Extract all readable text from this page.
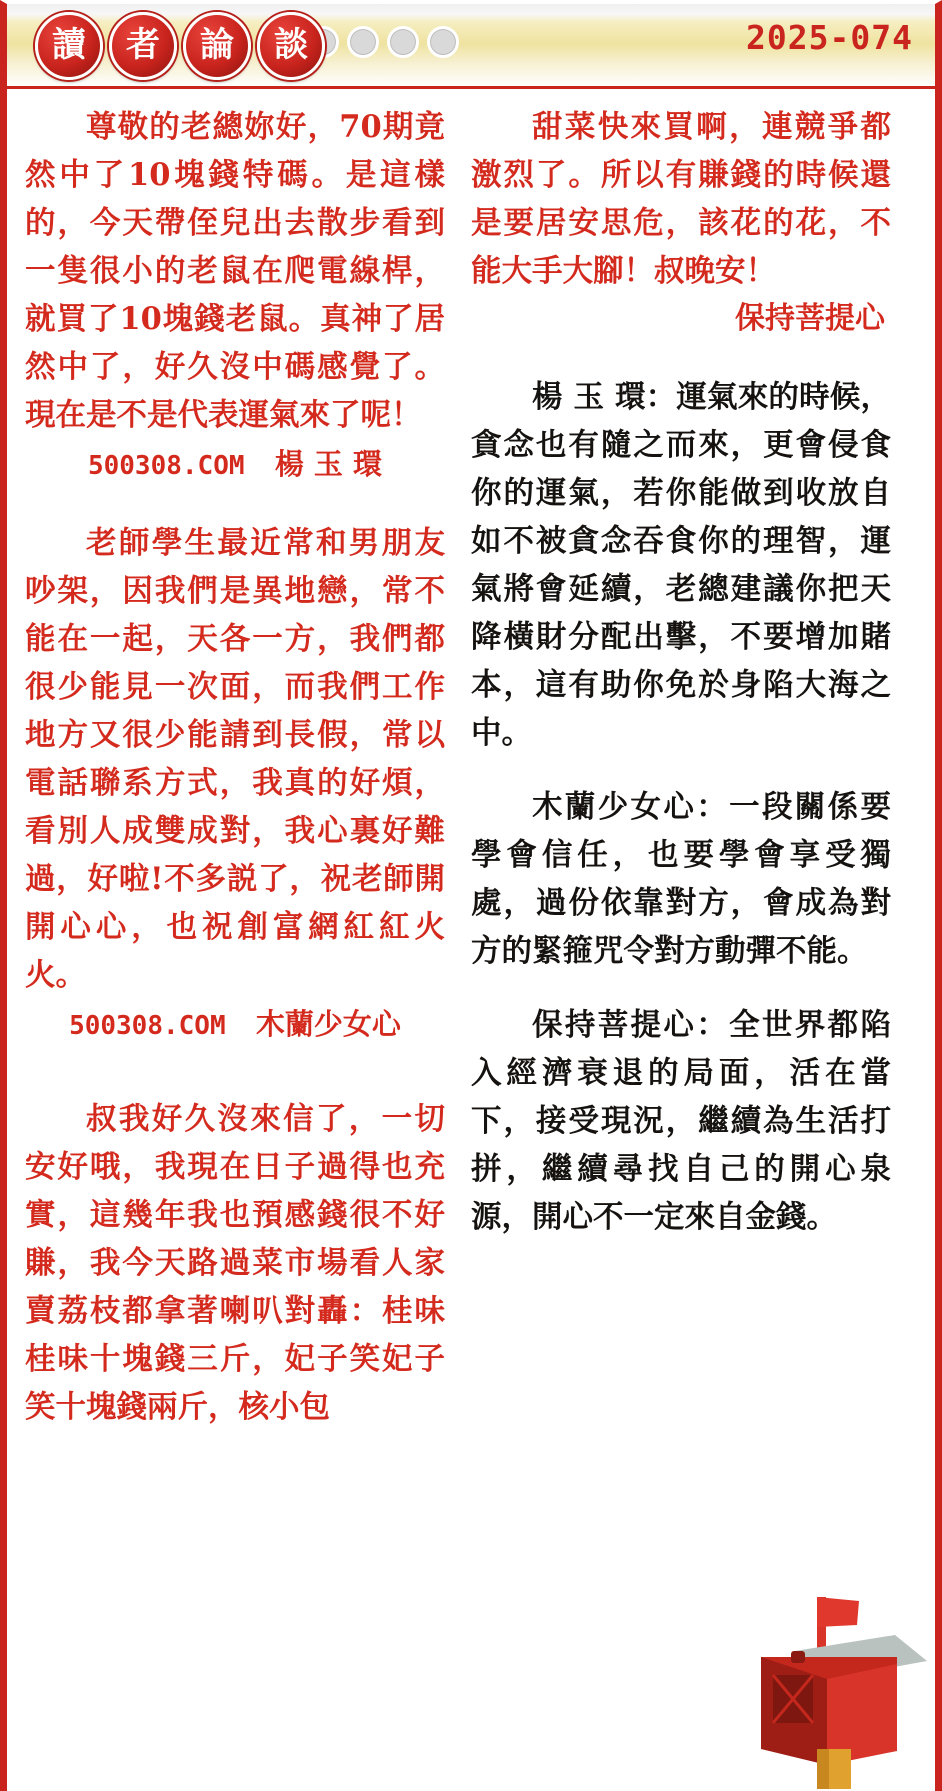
讀	者	論	談	2025-074

尊敬的老總妳好，70期竟然中了10塊錢特碼。是這樣的，今天帶侄兒出去散步看到一隻很小的老鼠在爬電線桿，就買了10塊錢老鼠。真神了居然中了，好久沒中碼感覺了。現在是不是代表運氣來了呢！

500308.COM 楊 玉 環

老師學生最近常和男朋友吵架，因我們是異地戀，常不能在一起，天各一方，我們都很少能見一次面，而我們工作地方又很少能請到長假，常以電話聯系方式，我真的好煩，看別人成雙成對，我心裏好難過，好啦!不多説了，祝老師開開心心，也祝創富網紅紅火火。

500308.COM 木蘭少女心

叔我好久沒來信了，一切安好哦，我現在日子過得也充實，這幾年我也預感錢很不好賺，我今天路過菜市場看人家賣荔枝都拿著喇叭對轟：桂味桂味十塊錢三斤，妃子笑妃子笑十塊錢兩斤，核小包

甜菜快來買啊，連競爭都激烈了。所以有賺錢的時候還是要居安思危，該花的花，不能大手大腳！叔晚安！

保持菩提心

楊 玉 環：運氣來的時候，貪念也有隨之而來，更會侵食你的運氣，若你能做到收放自如不被貪念吞食你的理智，運氣將會延續，老總建議你把天降橫財分配出擊，不要增加賭本，這有助你免於身陷大海之中。

木蘭少女心：一段關係要學會信任，也要學會享受獨處，過份依靠對方，會成為對方的緊箍咒令對方動彈不能。

保持菩提心：全世界都陷入經濟衰退的局面，活在當下，接受現況，繼續為生活打拼，繼續尋找自己的開心泉源，開心不一定來自金錢。
